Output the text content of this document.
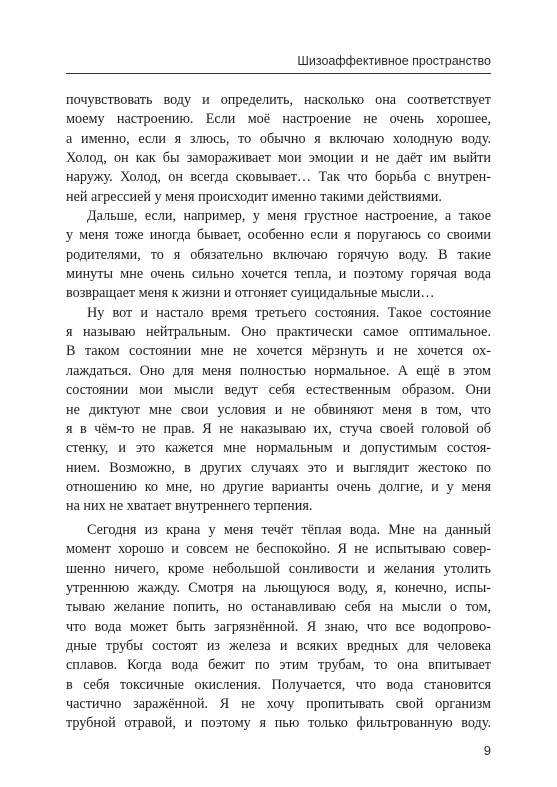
Шизоаффективное пространство
почувствовать воду и определить, насколько она соответствует
моему настроению. Если моё настроение не очень хорошее,
а именно, если я злюсь, то обычно я включаю холодную воду.
Холод, он как бы замораживает мои эмоции и не даёт им выйти
наружу. Холод, он всегда сковывает… Так что борьба с внутрен-
ней агрессией у меня происходит именно такими действиями.
Дальше, если, например, у меня грустное настроение, а такое
у меня тоже иногда бывает, особенно если я поругаюсь со своими
родителями, то я обязательно включаю горячую воду. В такие
минуты мне очень сильно хочется тепла, и поэтому горячая вода
возвращает меня к жизни и отгоняет суицидальные мысли…
Ну вот и настало время третьего состояния. Такое состояние
я называю нейтральным. Оно практически самое оптимальное.
В таком состоянии мне не хочется мёрзнуть и не хочется ох-
лаждаться. Оно для меня полностью нормальное. А ещё в этом
состоянии мои мысли ведут себя естественным образом. Они
не диктуют мне свои условия и не обвиняют меня в том, что
я в чём-то не прав. Я не наказываю их, стуча своей головой об
стенку, и это кажется мне нормальным и допустимым состоя-
нием. Возможно, в других случаях это и выглядит жестоко по
отношению ко мне, но другие варианты очень долгие, и у меня
на них не хватает внутреннего терпения.
Сегодня из крана у меня течёт тёплая вода. Мне на данный
момент хорошо и совсем не беспокойно. Я не испытываю совер-
шенно ничего, кроме небольшой сонливости и желания утолить
утреннюю жажду. Смотря на льющуюся воду, я, конечно, испы-
тываю желание попить, но останавливаю себя на мысли о том,
что вода может быть загрязнённой. Я знаю, что все водопрово-
дные трубы состоят из железа и всяких вредных для человека
сплавов. Когда вода бежит по этим трубам, то она впитывает
в себя токсичные окисления. Получается, что вода становится
частично заражённой. Я не хочу пропитывать свой организм
трубной отравой, и поэтому я пью только фильтрованную воду.
9
